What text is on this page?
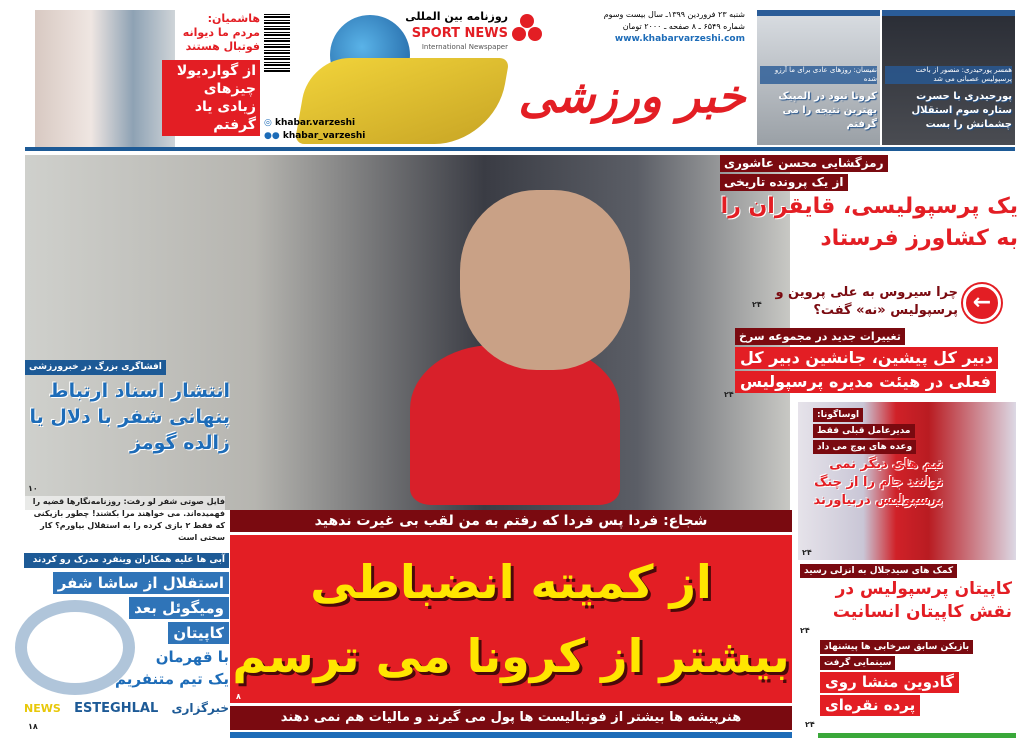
هاشمیان: مردم ما دیوانه فوتبال هستند
از گوارديولا چیزهای زیادی یاد گرفتم
روزنامه بین المللی
SPORT NEWS
International Newspaper
خبر ورزشی
شنبه ۲۳ فروردین ۱۳۹۹ـ سال بیست وسوم
شماره ۶۵۴۹ ـ ۸ صفحه ـ ۲۰۰۰ تومان
www.khabarvarzeshi.com
◎ khabar.varzeshi
●● khabar_varzeshi
نفیسان: روزهای عادی برای ما آرزو شده
کرونا نبود در المپیک بهترین نتیجه را می گرفتم
همسر پورحیدری: منصور از باخت پرسپولیس عصبانی می شد
پورحیدری با حسرت ستاره سوم استقلال چشمانش را بست
افشاگری بزرگ در خبرورزشی
انتشار اسناد ارتباط پنهانی شفر با دلال یا زالده گومز
۱۰
فایل صوتی شفر لو رفت: روزنامه‌نگارها قضیه را فهمیده‌اند. می خواهند مرا بکشند! چطور بازیکنی که فقط ۲ بازی کرده را به استقلال بیاورم؟ کار سختی است
آبی ها علیه همکاران وینفرد مدرک رو کردند
استقلال از ساشا شفر
ومیگوئل بعد
کاپیتان
با قهرمان
یک تیم متنفریم
NEWS ESTEGHLAL خبرگزاری
۱۸
شجاع: فردا پس فردا که رفتم به من لقب بی غیرت ندهید
از کمیته انضباطی
بیشتر از کرونا می ترسم
۸
هنرپیشه ها بیشتر از فوتبالیست ها پول می گیرند و مالیات هم نمی دهند
رمزگشایی محسن عاشوری
از یک پرونده تاریخی
یک پرسپولیسی، قایقران را به کشاورز فرستاد
۲۴	←
چرا سیروس به علی پروین و پرسپولیس «نه» گفت؟
تغییرات جدید در مجموعه سرخ
دبیر کل پیشین، جانشین دبیر کل
فعلی در هیئت مدیره پرسپولیس
۲۴
اوساگونا:
مدیرعامل قبلی فقط
وعده های پوچ می داد
تیم های دیگر نمی توانند جام را از چنگ پرسپولیس دربیاورند
۲۴
کمک های سیدجلال به انزلی رسید
کاپیتان پرسپولیس در نقش کاپیتان انسانیت
۲۴
بازیکن سابق سرخابی ها پیشنهاد
سینمایی گرفت
گادوین منشا روی
پرده نقره‌ای
۲۴
